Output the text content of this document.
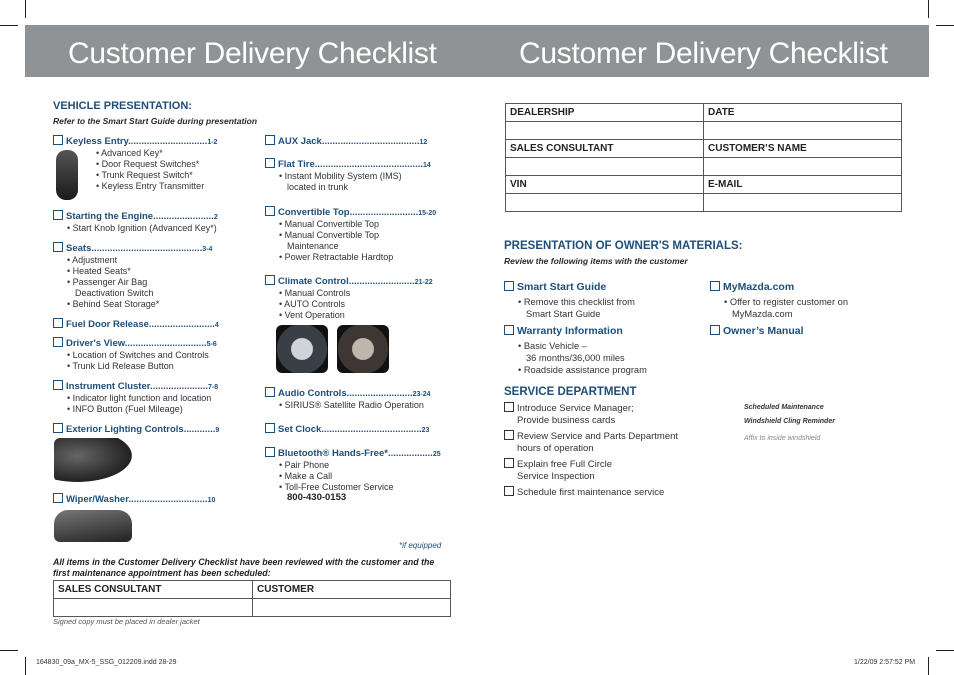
Customer Delivery Checklist	Customer Delivery Checklist
VEHICLE PRESENTATION:
Refer to the Smart Start Guide during presentation
Keyless Entry..............................1-2
• Advanced Key*
• Door Request Switches*
• Trunk Request Switch*
• Keyless Entry Transmitter
Starting the Engine.......................2
• Start Knob Ignition (Advanced Key*)
Seats..........................................3-4
• Adjustment
• Heated Seats*
• Passenger Air Bag
Deactivation Switch
• Behind Seat Storage*
Fuel Door Release.........................4
Driver's View...............................5-6
• Location of Switches and Controls
• Trunk Lid Release Button
Instrument Cluster......................7-8
• Indicator light function and location
• INFO Button (Fuel Mileage)
Exterior Lighting Controls............9
Wiper/Washer..............................10
AUX Jack.....................................12
Flat Tire.........................................14
• Instant Mobility System (IMS)
located in trunk
Convertible Top..........................15-20
• Manual Convertible Top
• Manual Convertible Top
Maintenance
• Power Retractable Hardtop
Climate Control.........................21-22
• Manual Controls
• AUTO Controls
• Vent Operation
Audio Controls.........................23-24
• SIRIUS® Satellite Radio Operation
Set Clock......................................23
Bluetooth® Hands-Free*.................25
• Pair Phone
• Make a Call
• Toll-Free Customer Service
800-430-0153
*if equipped
All items in the Customer Delivery Checklist have been reviewed with the customer and the first maintenance appointment has been scheduled:
SALES CONSULTANT	CUSTOMER

Signed copy must be placed in dealer jacket
DEALERSHIP	DATE

SALES CONSULTANT	CUSTOMER’S NAME

VIN	E-MAIL

PRESENTATION OF OWNER'S MATERIALS:
Review the following items with the customer
Smart Start Guide
• Remove this checklist from
Smart Start Guide
Warranty Information
• Basic Vehicle –
36 months/36,000 miles
• Roadside assistance program
MyMazda.com
• Offer to register customer on
MyMazda.com
Owner’s Manual
SERVICE DEPARTMENT
Introduce Service Manager;
Provide business cards
Review Service and Parts Department
hours of operation
Explain free Full Circle
Service Inspection
Schedule first maintenance service
Scheduled Maintenance
Windshield Cling Reminder
Affix to inside windshield
164830_09a_MX-5_SSG_012209.indd 28-29	1/22/09 2:57:52 PM
